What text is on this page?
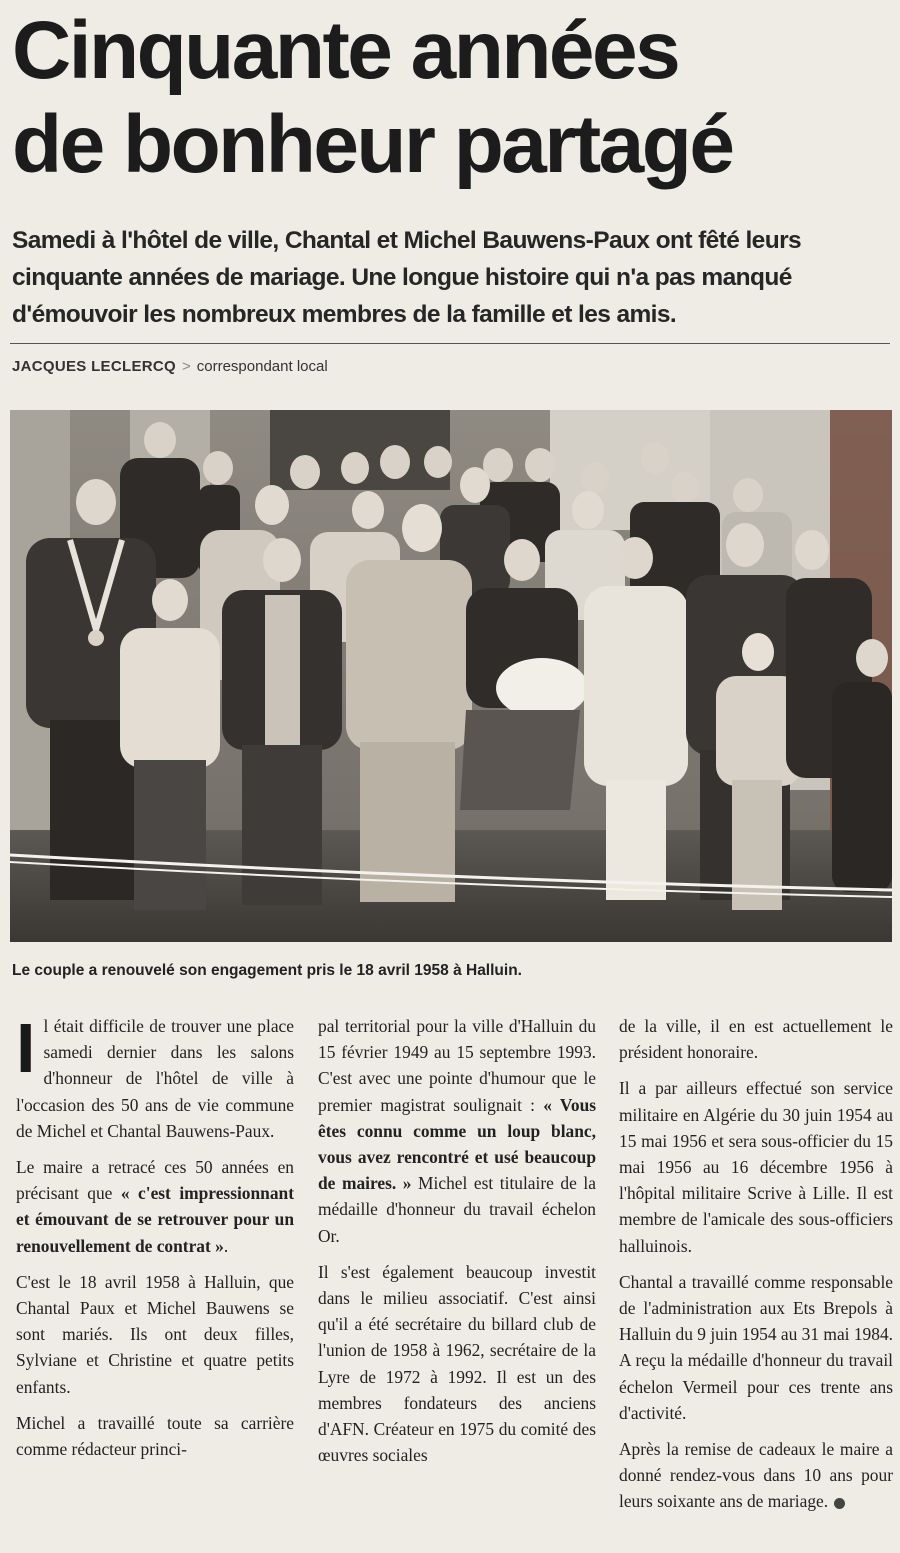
Cinquante années
de bonheur partagé

Samedi à l'hôtel de ville, Chantal et Michel Bauwens-Paux ont fêté leurs cinquante années de mariage. Une longue histoire qui n'a pas manqué d'émouvoir les nombreux membres de la famille et les amis.

JACQUES LECLERCQ > correspondant local
Le couple a renouvelé son engagement pris le 18 avril 1958 à Halluin.

Il était difficile de trouver une place samedi dernier dans les salons d'honneur de l'hôtel de ville à l'occasion des 50 ans de vie commune de Michel et Chantal Bauwens-Paux.

Le maire a retracé ces 50 années en précisant que « c'est impressionnant et émouvant de se retrouver pour un renouvellement de contrat ».

C'est le 18 avril 1958 à Halluin, que Chantal Paux et Michel Bauwens se sont mariés. Ils ont deux filles, Sylviane et Christine et quatre petits enfants.

Michel a travaillé toute sa carrière comme rédacteur princi-

pal territorial pour la ville d'Halluin du 15 février 1949 au 15 septembre 1993. C'est avec une pointe d'humour que le premier magistrat soulignait : « Vous êtes connu comme un loup blanc, vous avez rencontré et usé beaucoup de maires. » Michel est titulaire de la médaille d'honneur du travail échelon Or.

Il s'est également beaucoup investit dans le milieu associatif. C'est ainsi qu'il a été secrétaire du billard club de l'union de 1958 à 1962, secrétaire de la Lyre de 1972 à 1992. Il est un des membres fondateurs des anciens d'AFN. Créateur en 1975 du comité des œuvres sociales

de la ville, il en est actuellement le président honoraire.

Il a par ailleurs effectué son service militaire en Algérie du 30 juin 1954 au 15 mai 1956 et sera sous-officier du 15 mai 1956 au 16 décembre 1956 à l'hôpital militaire Scrive à Lille. Il est membre de l'amicale des sous-officiers halluinois.

Chantal a travaillé comme responsable de l'administration aux Ets Brepols à Halluin du 9 juin 1954 au 31 mai 1984. A reçu la médaille d'honneur du travail échelon Vermeil pour ces trente ans d'activité.

Après la remise de cadeaux le maire a donné rendez-vous dans 10 ans pour leurs soixante ans de mariage.
